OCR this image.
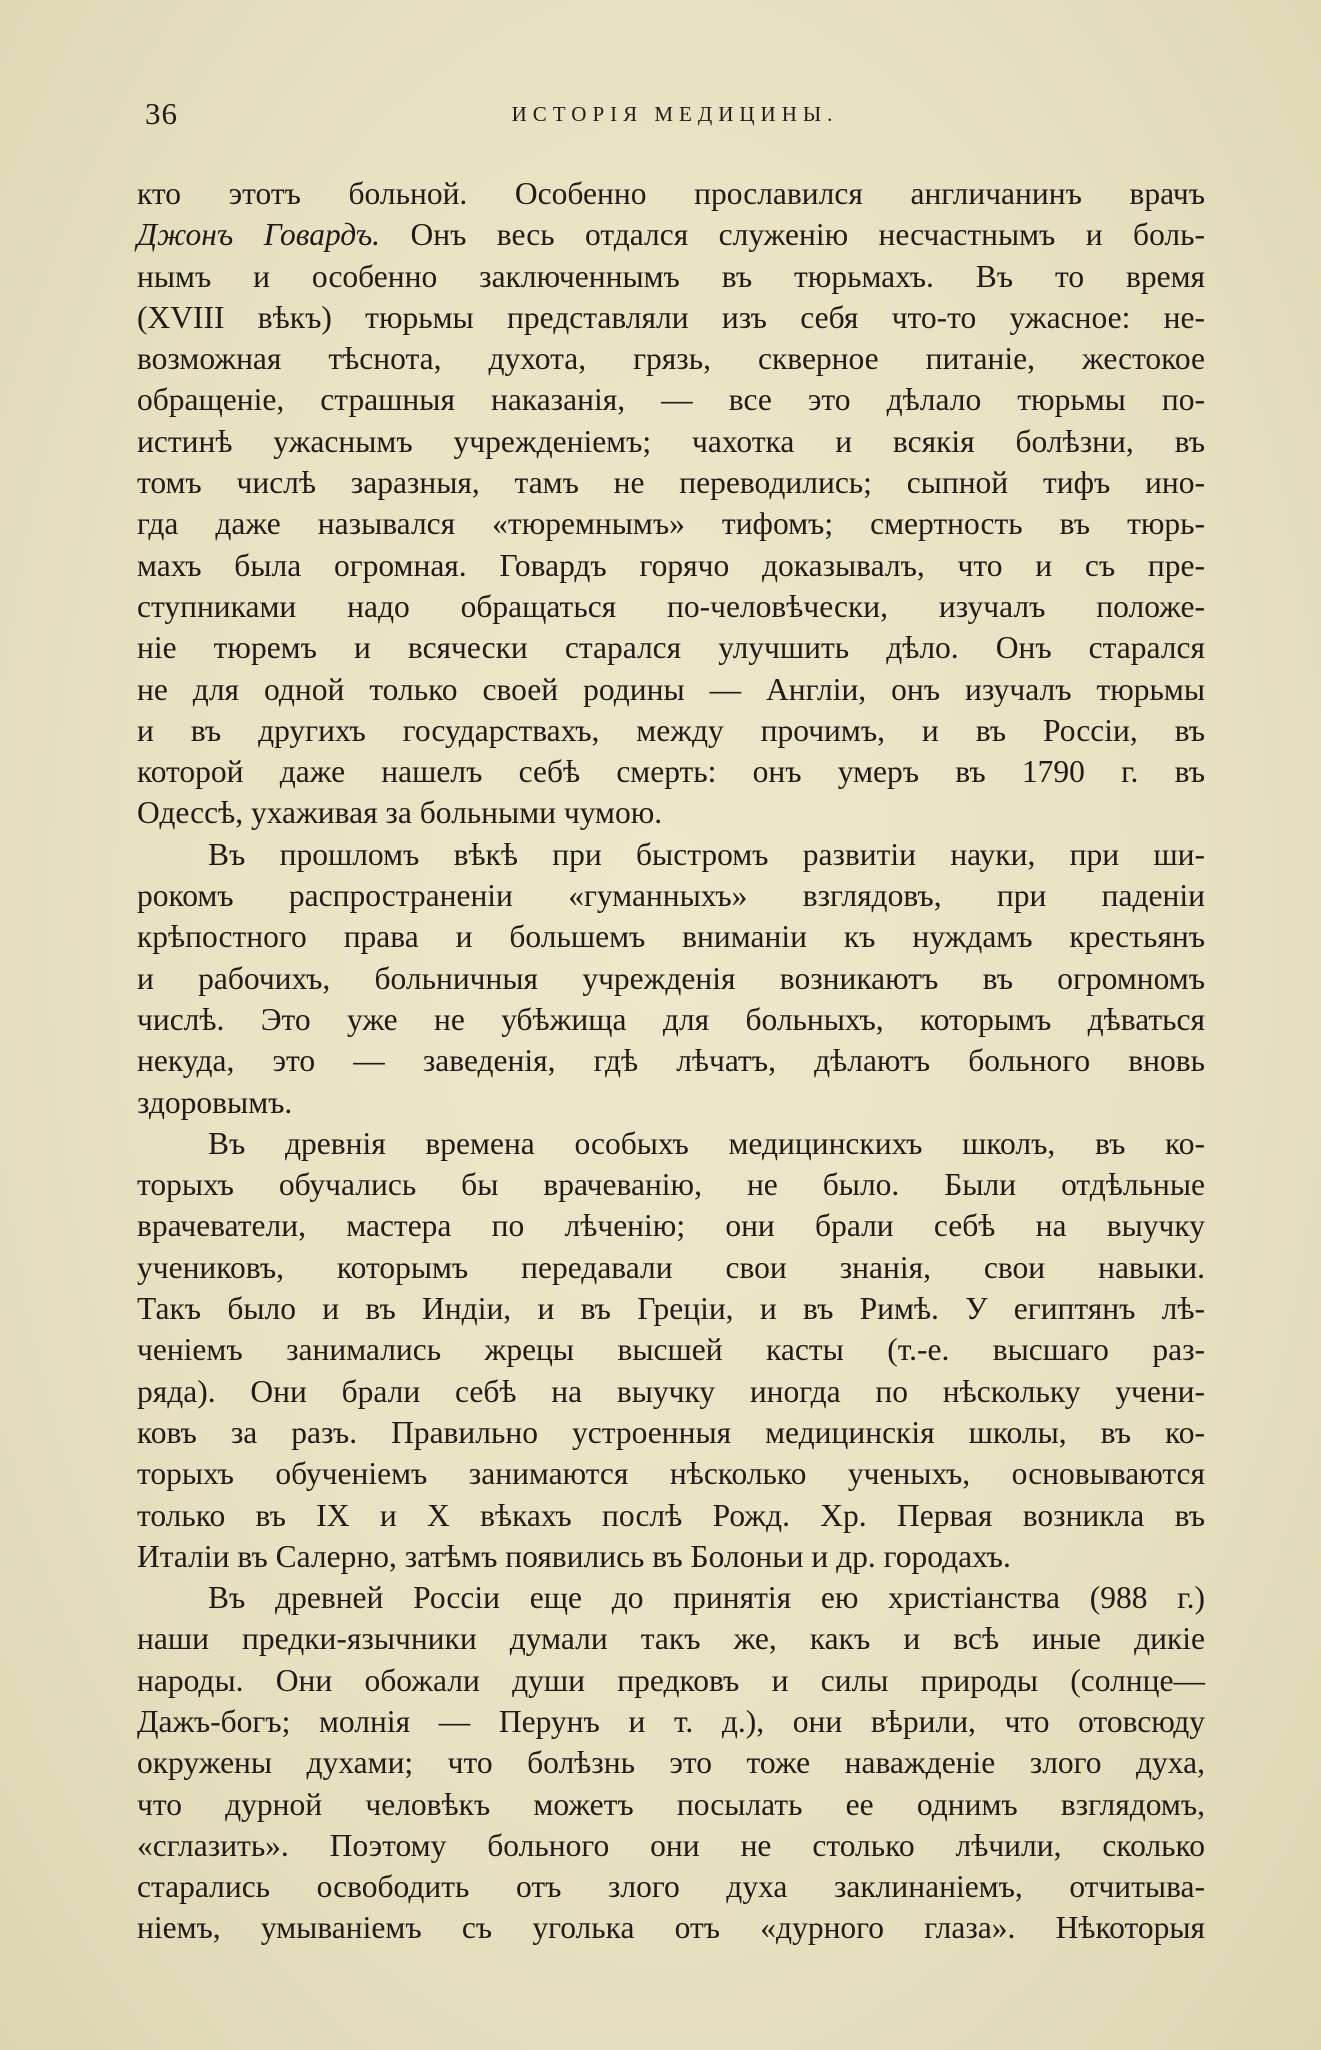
36	ИСТОРІЯ МЕДИЦИНЫ.
кто этотъ больной. Особенно прославился англичанинъ врачъ
Джонъ Говардъ. Онъ весь отдался служенію несчастнымъ и боль-
нымъ и особенно заключеннымъ въ тюрьмахъ. Въ то время
(XVIII вѣкъ) тюрьмы представляли изъ себя что-то ужасное: не-
возможная тѣснота, духота, грязь, скверное питаніе, жестокое
обращеніе, страшныя наказанія, — все это дѣлало тюрьмы по-
истинѣ ужаснымъ учрежденіемъ; чахотка и всякія болѣзни, въ
томъ числѣ заразныя, тамъ не переводились; сыпной тифъ ино-
гда даже назывался «тюремнымъ» тифомъ; смертность въ тюрь-
махъ была огромная. Говардъ горячо доказывалъ, что и съ пре-
ступниками надо обращаться по-человѣчески, изучалъ положе-
ніе тюремъ и всячески старался улучшить дѣло. Онъ старался
не для одной только своей родины — Англіи, онъ изучалъ тюрьмы
и въ другихъ государствахъ, между прочимъ, и въ Россіи, въ
которой даже нашелъ себѣ смерть: онъ умеръ въ 1790 г. въ
Одессѣ, ухаживая за больными чумою.
Въ прошломъ вѣкѣ при быстромъ развитіи науки, при ши-
рокомъ распространеніи «гуманныхъ» взглядовъ, при паденіи
крѣпостного права и большемъ вниманіи къ нуждамъ крестьянъ
и рабочихъ, больничныя учрежденія возникаютъ въ огромномъ
числѣ. Это уже не убѣжища для больныхъ, которымъ дѣваться
некуда, это — заведенія, гдѣ лѣчатъ, дѣлаютъ больного вновь
здоровымъ.
Въ древнія времена особыхъ медицинскихъ школъ, въ ко-
торыхъ обучались бы врачеванію, не было. Были отдѣльные
врачеватели, мастера по лѣченію; они брали себѣ на выучку
учениковъ, которымъ передавали свои знанія, свои навыки.
Такъ было и въ Индіи, и въ Греціи, и въ Римѣ. У египтянъ лѣ-
ченіемъ занимались жрецы высшей касты (т.-е. высшаго раз-
ряда). Они брали себѣ на выучку иногда по нѣскольку учени-
ковъ за разъ. Правильно устроенныя медицинскія школы, въ ко-
торыхъ обученіемъ занимаются нѣсколько ученыхъ, основываются
только въ IX и X вѣкахъ послѣ Рожд. Хр. Первая возникла въ
Италіи въ Салерно, затѣмъ появились въ Болоньи и др. городахъ.
Въ древней Россіи еще до принятія ею христіанства (988 г.)
наши предки-язычники думали такъ же, какъ и всѣ иные дикіе
народы. Они обожали души предковъ и силы природы (солнце—
Дажъ-богъ; молнія — Перунъ и т. д.), они вѣрили, что отовсюду
окружены духами; что болѣзнь это тоже наважденіе злого духа,
что дурной человѣкъ можетъ посылать ее однимъ взглядомъ,
«сглазить». Поэтому больного они не столько лѣчили, сколько
старались освободить отъ злого духа заклинаніемъ, отчитыва-
ніемъ, умываніемъ съ уголька отъ «дурного глаза». Нѣкоторыя
